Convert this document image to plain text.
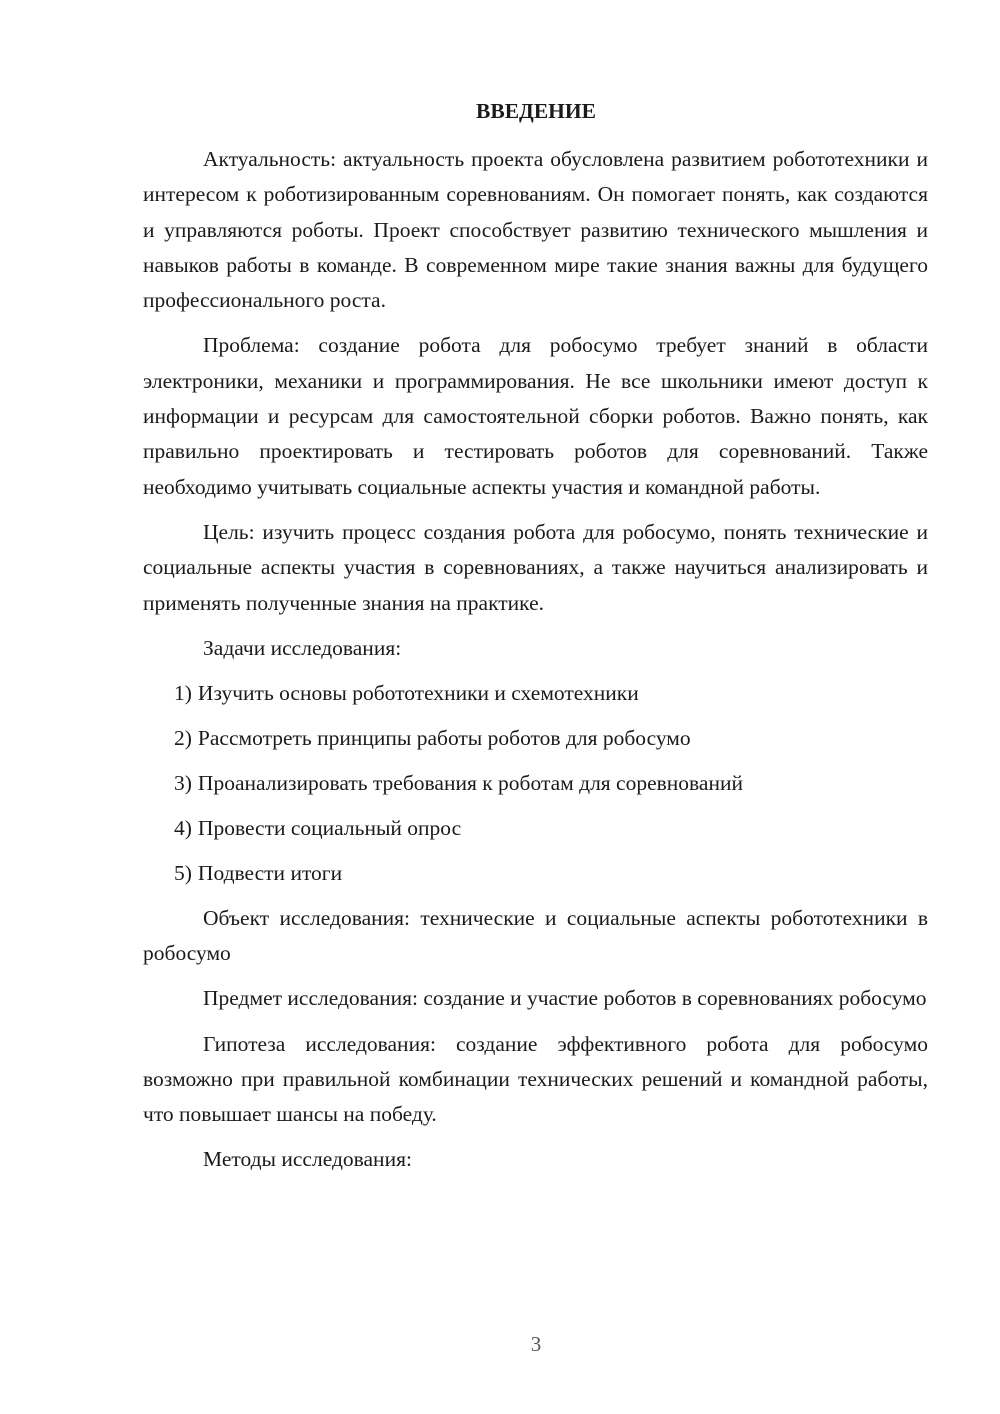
ВВЕДЕНИЕ

Актуальность: актуальность проекта обусловлена развитием робототехники и интересом к роботизированным соревнованиям. Он помогает понять, как создаются и управляются роботы. Проект способствует развитию технического мышления и навыков работы в команде. В современном мире такие знания важны для будущего профессионального роста.

Проблема: создание робота для робосумо требует знаний в области электроники, механики и программирования. Не все школьники имеют доступ к информации и ресурсам для самостоятельной сборки роботов. Важно понять, как правильно проектировать и тестировать роботов для соревнований. Также необходимо учитывать социальные аспекты участия и командной работы.

Цель: изучить процесс создания робота для робосумо, понять технические и социальные аспекты участия в соревнованиях, а также научиться анализировать и применять полученные знания на практике.

Задачи исследования:

1) Изучить основы робототехники и схемотехники

2) Рассмотреть принципы работы роботов для робосумо

3) Проанализировать требования к роботам для соревнований

4) Провести социальный опрос

5) Подвести итоги

Объект исследования: технические и социальные аспекты робототехники в робосумо

Предмет исследования: создание и участие роботов в соревнованиях робосумо

Гипотеза исследования: создание эффективного робота для робосумо возможно при правильной комбинации технических решений и командной работы, что повышает шансы на победу.

Методы исследования:

3
